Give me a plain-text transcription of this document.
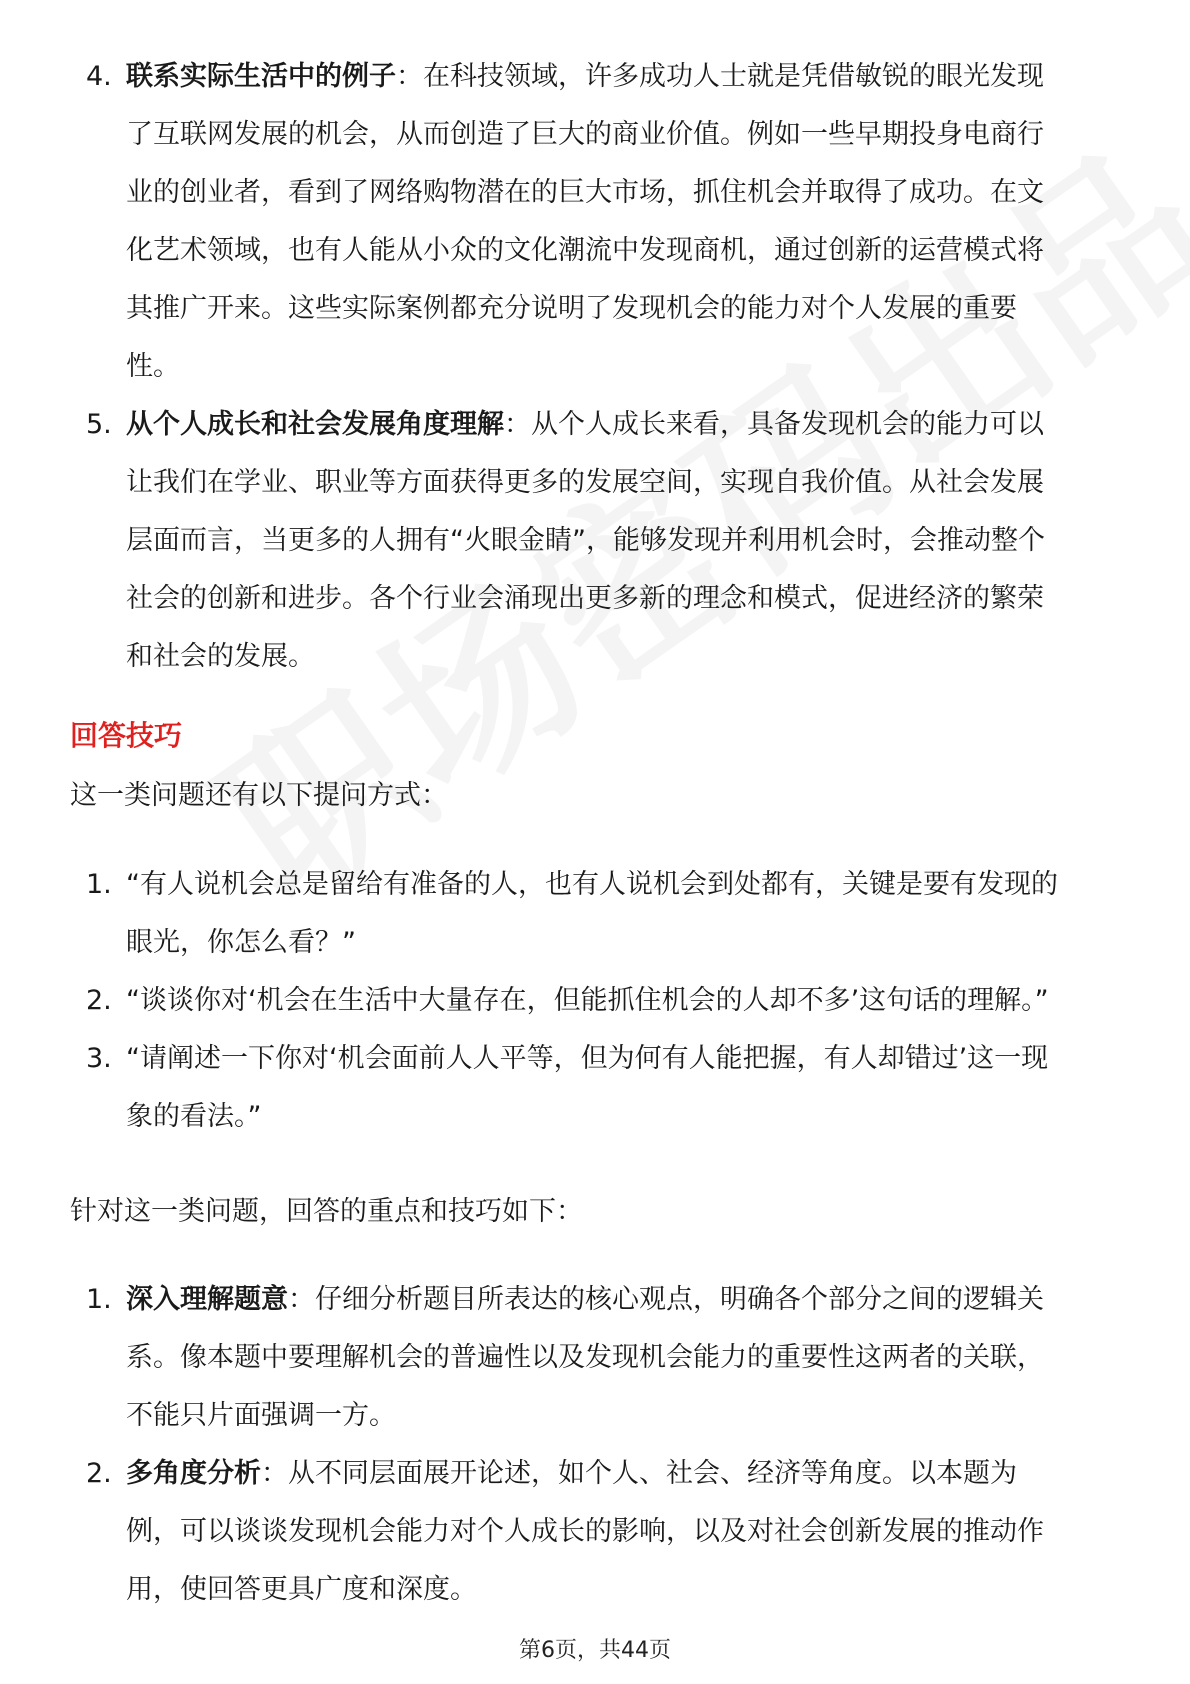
4. 联系实际生活中的例子：在科技领域，许多成功人士就是凭借敏锐的眼光发现
了互联网发展的机会，从而创造了巨大的商业价值。例如一些早期投身电商行
业的创业者，看到了网络购物潜在的巨大市场，抓住机会并取得了成功。在文
化艺术领域，也有人能从小众的文化潮流中发现商机，通过创新的运营模式将
其推广开来。这些实际案例都充分说明了发现机会的能力对个人发展的重要
性。
5. 从个人成长和社会发展角度理解：从个人成长来看，具备发现机会的能力可以
让我们在学业、职业等方面获得更多的发展空间，实现自我价值。从社会发展
层面而言，当更多的人拥有“火眼金睛”，能够发现并利用机会时，会推动整个
社会的创新和进步。各个行业会涌现出更多新的理念和模式，促进经济的繁荣
和社会的发展。
回答技巧
这一类问题还有以下提问方式：
1. “有人说机会总是留给有准备的人，也有人说机会到处都有，关键是要有发现的
眼光，你怎么看？”
2. “谈谈你对‘机会在生活中大量存在，但能抓住机会的人却不多’这句话的理解。”
3. “请阐述一下你对‘机会面前人人平等，但为何有人能把握，有人却错过’这一现
象的看法。”
针对这一类问题，回答的重点和技巧如下：
1. 深入理解题意：仔细分析题目所表达的核心观点，明确各个部分之间的逻辑关
系。像本题中要理解机会的普遍性以及发现机会能力的重要性这两者的关联，
不能只片面强调一方。
2. 多角度分析：从不同层面展开论述，如个人、社会、经济等角度。以本题为
例，可以谈谈发现机会能力对个人成长的影响，以及对社会创新发展的推动作
用，使回答更具广度和深度。
第6页，共44页
